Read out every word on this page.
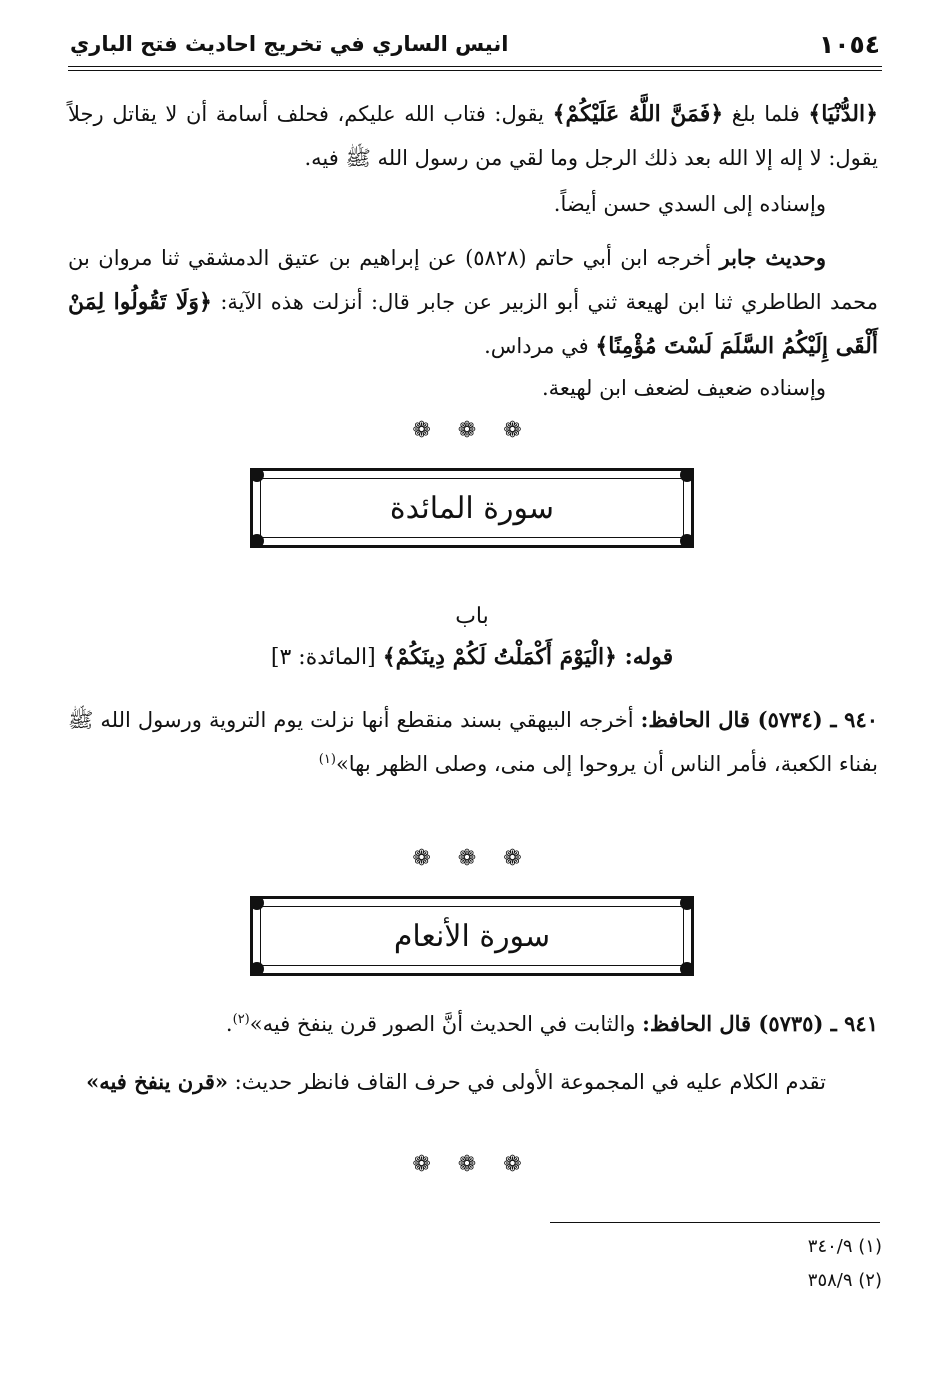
١٠٥٤
انيس الساري في تخريج احاديث فتح الباري
﴿الدُّنْيَا﴾ فلما بلغ ﴿فَمَنَّ اللَّهُ عَلَيْكُمْ﴾ يقول: فتاب الله عليكم، فحلف أسامة أن لا يقاتل رجلاً يقول: لا إله إلا الله بعد ذلك الرجل وما لقي من رسول الله ﷺ فيه.
وإسناده إلى السدي حسن أيضاً.
وحديث جابر أخرجه ابن أبي حاتم (٥٨٢٨) عن إبراهيم بن عتيق الدمشقي ثنا مروان بن محمد الطاطري ثنا ابن لهيعة ثني أبو الزبير عن جابر قال: أنزلت هذه الآية: ﴿وَلَا تَقُولُوا لِمَنْ أَلْقَى إِلَيْكُمُ السَّلَمَ لَسْتَ مُؤْمِنًا﴾ في مرداس.
وإسناده ضعيف لضعف ابن لهيعة.
❁ ❁ ❁
سورة المائدة
باب
قوله: ﴿الْيَوْمَ أَكْمَلْتُ لَكُمْ دِينَكُمْ﴾ [المائدة: ٣]
٩٤٠ ـ (٥٧٣٤) قال الحافظ: أخرجه البيهقي بسند منقطع أنها نزلت يوم التروية ورسول الله ﷺ بفناء الكعبة، فأمر الناس أن يروحوا إلى منى، وصلى الظهر بها»$^{(١)}$
❁ ❁ ❁
سورة الأنعام
٩٤١ ـ (٥٧٣٥) قال الحافظ: والثابت في الحديث أنَّ الصور قرن ينفخ فيه»$^{(٢)}$.
تقدم الكلام عليه في المجموعة الأولى في حرف القاف فانظر حديث: «قرن ينفخ فيه»
❁ ❁ ❁
(١) ٣٤٠/٩
(٢) ٣٥٨/٩
